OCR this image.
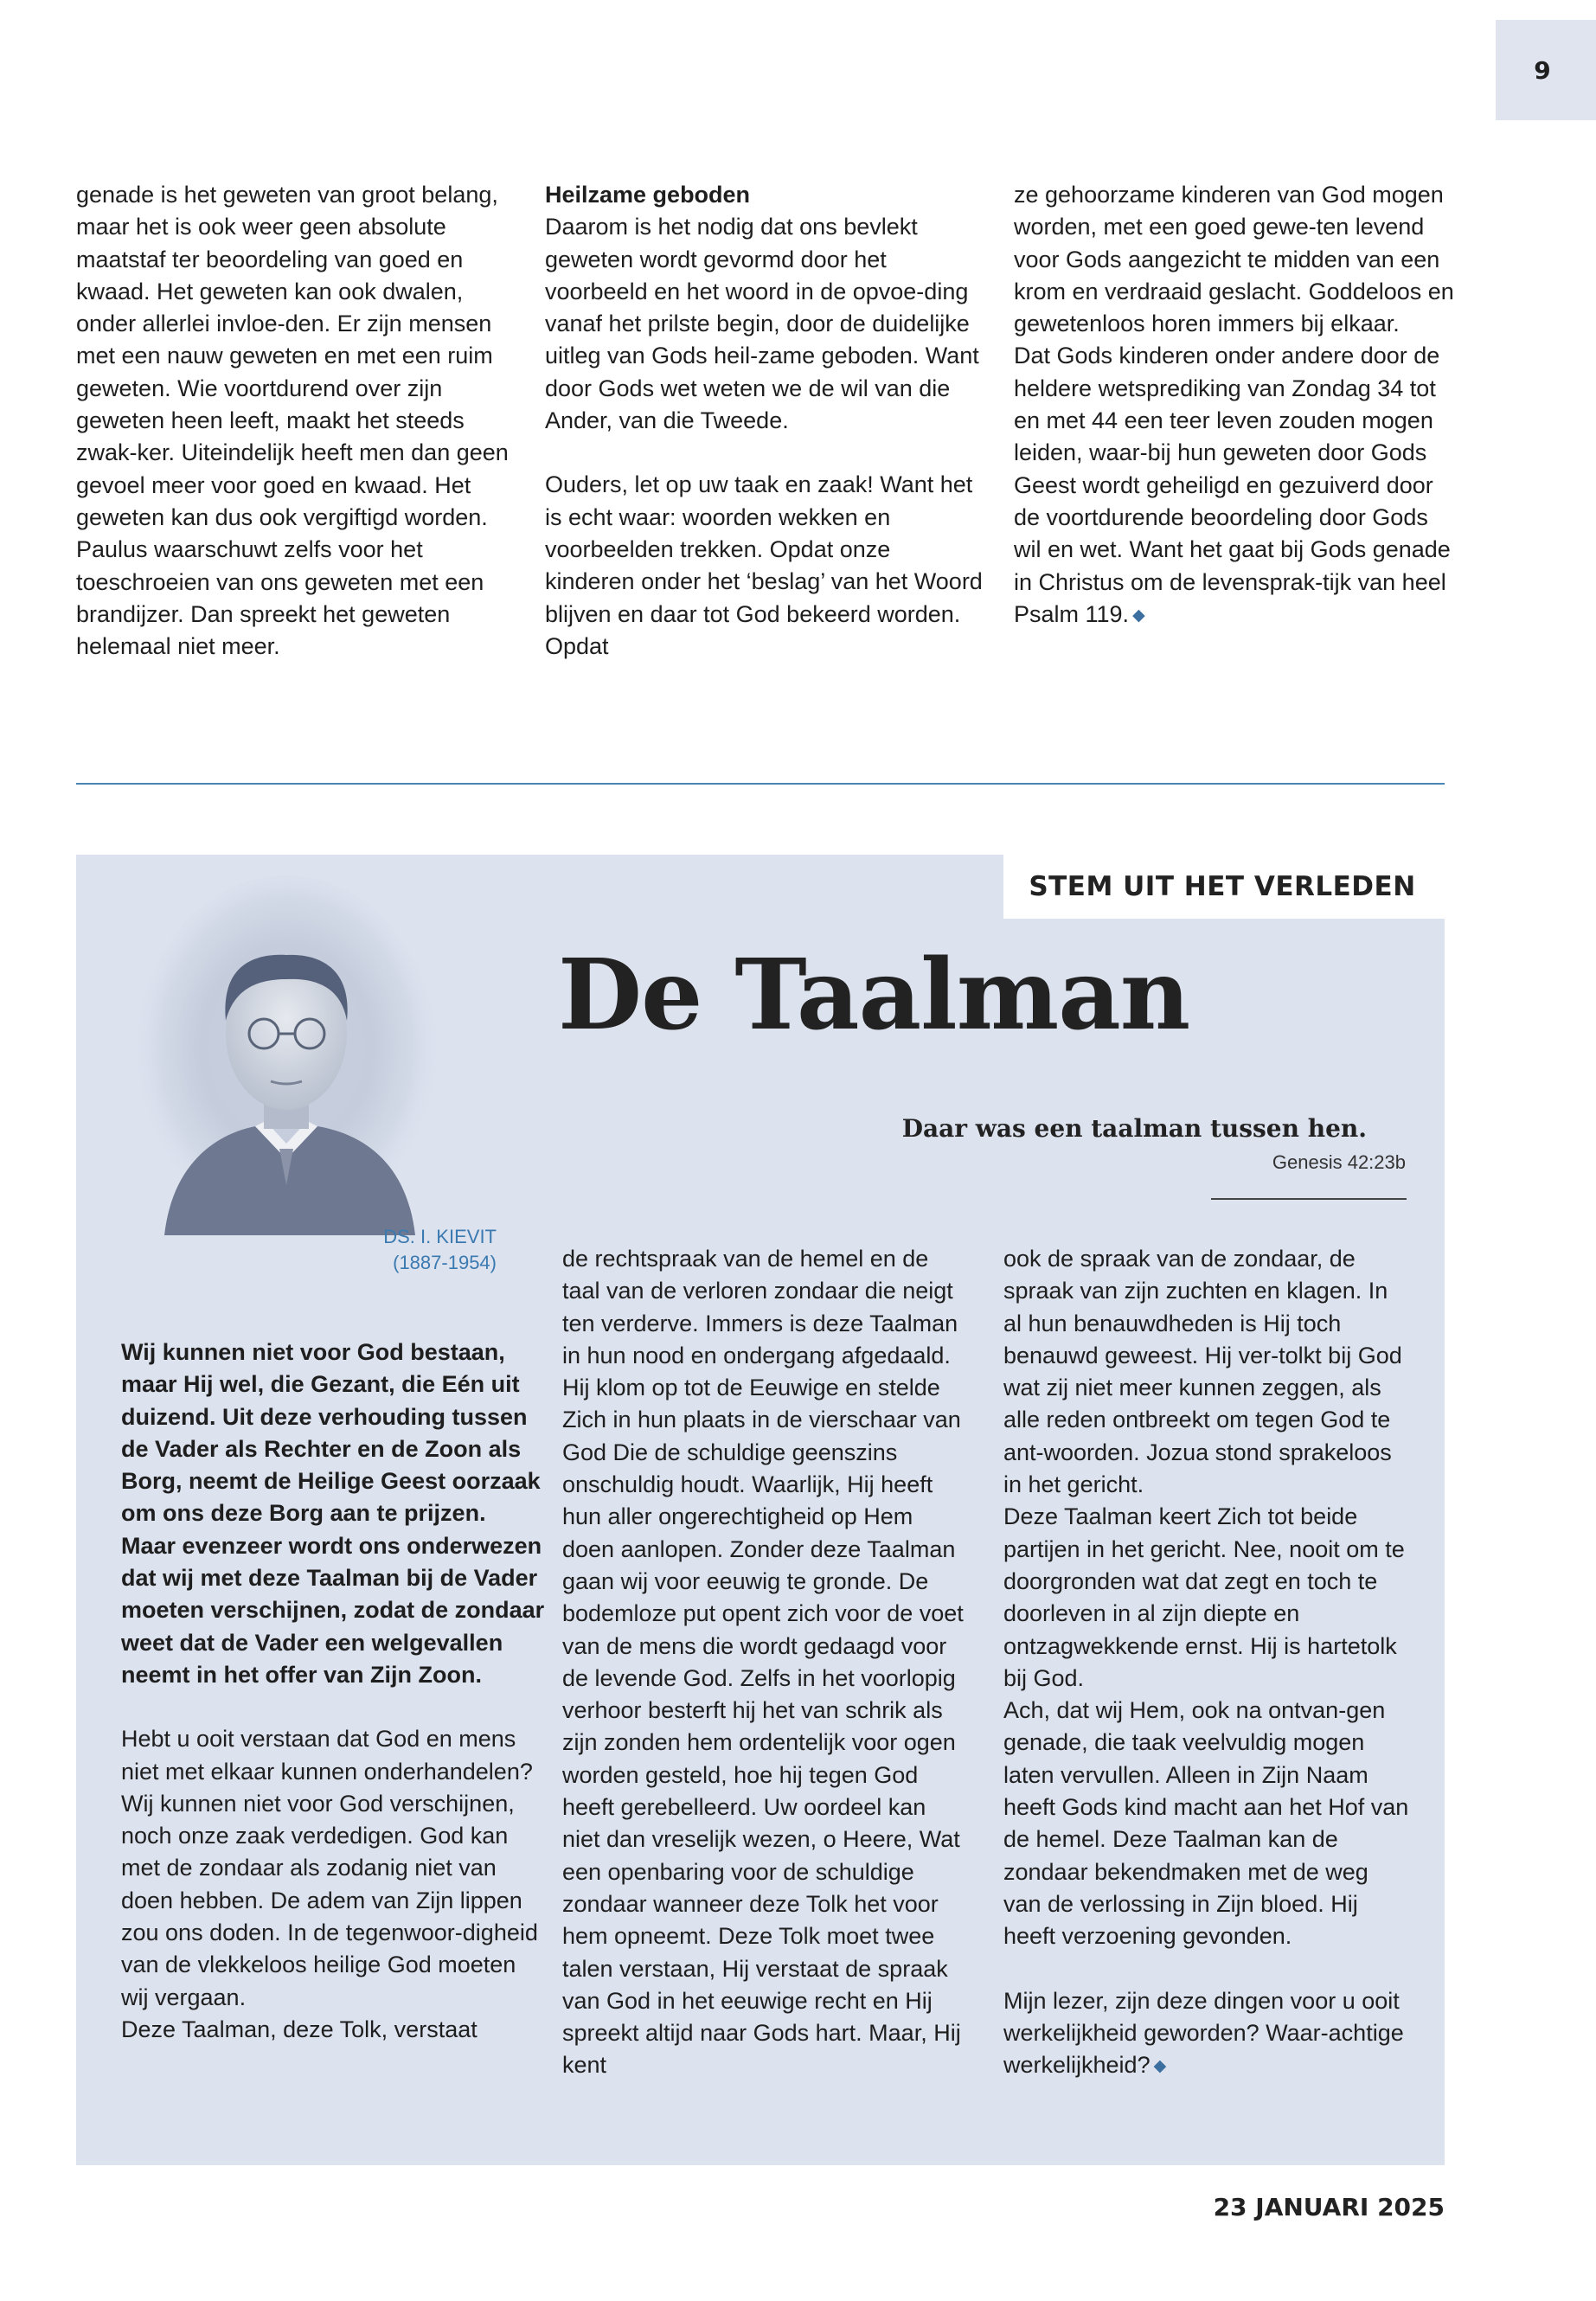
9

genade is het geweten van groot belang, maar het is ook weer geen absolute maatstaf ter beoordeling van goed en kwaad. Het geweten kan ook dwalen, onder allerlei invloe-den. Er zijn mensen met een nauw geweten en met een ruim geweten. Wie voortdurend over zijn geweten heen leeft, maakt het steeds zwak-ker. Uiteindelijk heeft men dan geen gevoel meer voor goed en kwaad. Het geweten kan dus ook vergiftigd worden. Paulus waarschuwt zelfs voor het toeschroeien van ons geweten met een brandijzer. Dan spreekt het geweten helemaal niet meer.

Heilzame geboden

Daarom is het nodig dat ons bevlekt geweten wordt gevormd door het voorbeeld en het woord in de opvoe-ding vanaf het prilste begin, door de duidelijke uitleg van Gods heil-zame geboden. Want door Gods wet weten we de wil van die Ander, van die Tweede.

Ouders, let op uw taak en zaak! Want het is echt waar: woorden wekken en voorbeelden trekken. Opdat onze kinderen onder het ‘beslag’ van het Woord blijven en daar tot God bekeerd worden. Opdat

ze gehoorzame kinderen van God mogen worden, met een goed gewe-ten levend voor Gods aangezicht te midden van een krom en verdraaid geslacht. Goddeloos en gewetenloos horen immers bij elkaar.

Dat Gods kinderen onder andere door de heldere wetsprediking van Zondag 34 tot en met 44 een teer leven zouden mogen leiden, waar-bij hun geweten door Gods Geest wordt geheiligd en gezuiverd door de voortdurende beoordeling door Gods wil en wet. Want het gaat bij Gods genade in Christus om de levensprak-tijk van heel Psalm 119. ◆

STEM UIT HET VERLEDEN
DS. I. KIEVIT
(1887-1954)
De Taalman
Daar was een taalman tussen hen.
Genesis 42:23b

Wij kunnen niet voor God bestaan, maar Hij wel, die Gezant, die Eén uit duizend. Uit deze verhouding tussen de Vader als Rechter en de Zoon als Borg, neemt de Heilige Geest oorzaak om ons deze Borg aan te prijzen. Maar evenzeer wordt ons onderwezen dat wij met deze Taalman bij de Vader moeten verschijnen, zodat de zondaar weet dat de Vader een welgevallen neemt in het offer van Zijn Zoon.

Hebt u ooit verstaan dat God en mens niet met elkaar kunnen onderhandelen? Wij kunnen niet voor God verschijnen, noch onze zaak verdedigen. God kan met de zondaar als zodanig niet van doen hebben. De adem van Zijn lippen zou ons doden. In de tegenwoor-digheid van de vlekkeloos heilige God moeten wij vergaan.

Deze Taalman, deze Tolk, verstaat

de rechtspraak van de hemel en de taal van de verloren zondaar die neigt ten verderve. Immers is deze Taalman in hun nood en ondergang afgedaald. Hij klom op tot de Eeuwige en stelde Zich in hun plaats in de vierschaar van God Die de schuldige geenszins onschuldig houdt. Waarlijk, Hij heeft hun aller ongerechtigheid op Hem doen aanlopen. Zonder deze Taalman gaan wij voor eeuwig te gronde. De bodemloze put opent zich voor de voet van de mens die wordt gedaagd voor de levende God. Zelfs in het voorlopig verhoor besterft hij het van schrik als zijn zonden hem ordentelijk voor ogen worden gesteld, hoe hij tegen God heeft gerebelleerd. Uw oordeel kan niet dan vreselijk wezen, o Heere, Wat een openbaring voor de schuldige zondaar wanneer deze Tolk het voor hem opneemt. Deze Tolk moet twee talen verstaan, Hij verstaat de spraak van God in het eeuwige recht en Hij spreekt altijd naar Gods hart. Maar, Hij kent

ook de spraak van de zondaar, de spraak van zijn zuchten en klagen. In al hun benauwdheden is Hij toch benauwd geweest. Hij ver-tolkt bij God wat zij niet meer kunnen zeggen, als alle reden ontbreekt om tegen God te ant-woorden. Jozua stond sprakeloos in het gericht.

Deze Taalman keert Zich tot beide partijen in het gericht. Nee, nooit om te doorgronden wat dat zegt en toch te doorleven in al zijn diepte en ontzagwekkende ernst. Hij is hartetolk bij God.

Ach, dat wij Hem, ook na ontvan-gen genade, die taak veelvuldig mogen laten vervullen. Alleen in Zijn Naam heeft Gods kind macht aan het Hof van de hemel. Deze Taalman kan de zondaar bekendmaken met de weg van de verlossing in Zijn bloed. Hij heeft verzoening gevonden.

Mijn lezer, zijn deze dingen voor u ooit werkelijkheid geworden? Waar-achtige werkelijkheid? ◆

23 JANUARI 2025
